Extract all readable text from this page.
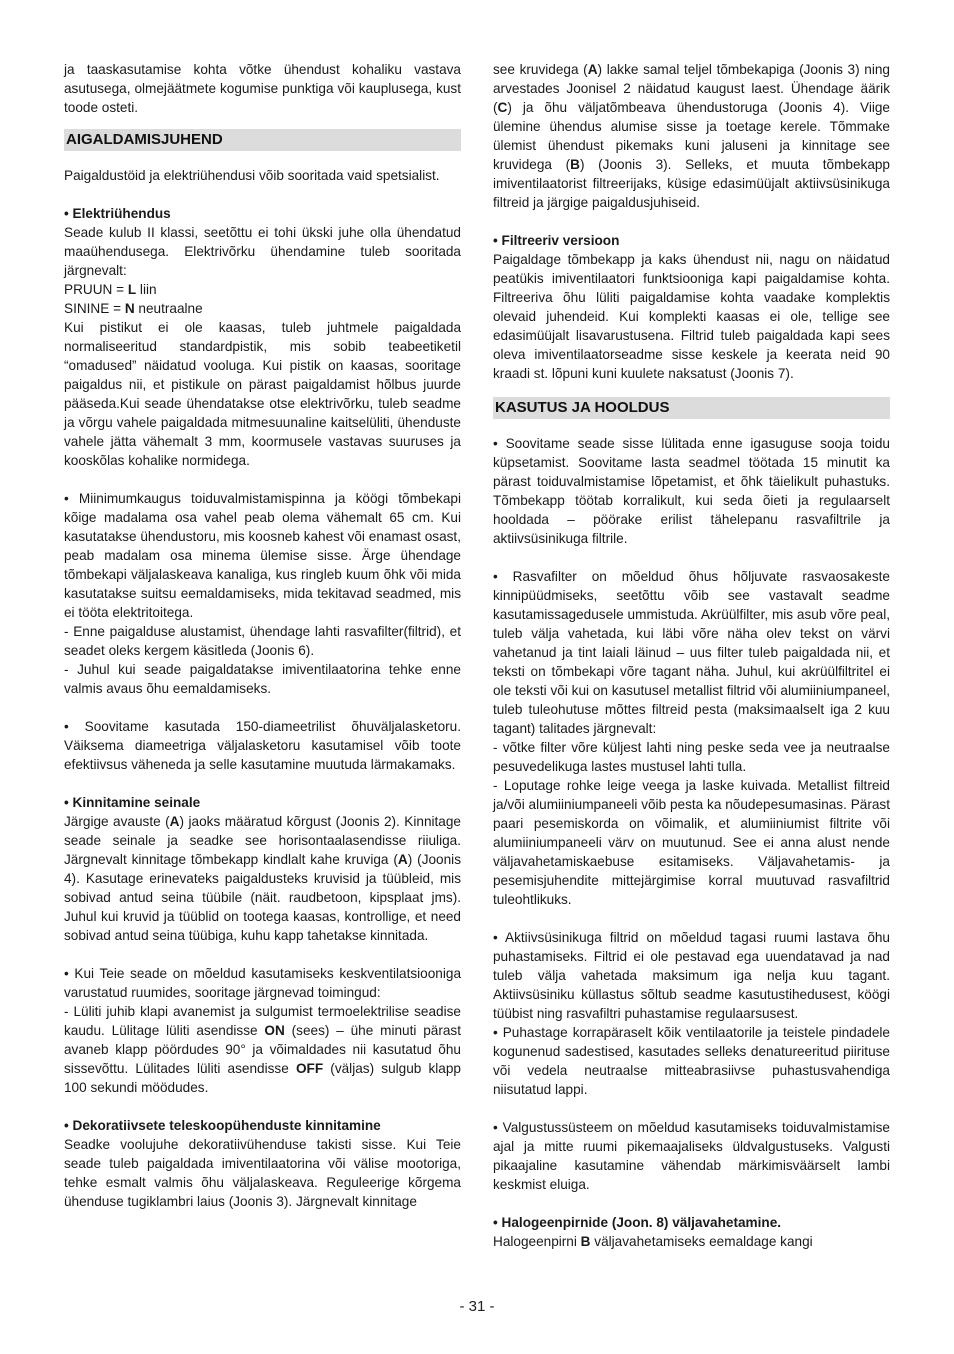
ja taaskasutamise kohta võtke ühendust kohaliku vastava asutusega, olmejäätmete kogumise punktiga või kauplusega, kust toode osteti.

AIGALDAMISJUHEND

Paigaldustöid ja elektriühendusi võib sooritada vaid spetsialist.

• Elektriühendus

Seade kulub II klassi, seetõttu ei tohi ükski juhe olla ühendatud maaühendusega. Elektrivõrku ühendamine tuleb sooritada järgnevalt:

PRUUN = L liin

SININE = N neutraalne

Kui pistikut ei ole kaasas, tuleb juhtmele paigaldada normaliseeritud standardpistik, mis sobib teabeetiketil “omadused” näidatud vooluga. Kui pistik on kaasas, sooritage paigaldus nii, et pistikule on pärast paigaldamist hõlbus juurde pääseda.Kui seade ühendatakse otse elektrivõrku, tuleb seadme ja võrgu vahele paigaldada mitmesuunaline kaitselüliti, ühenduste vahele jätta vähemalt 3 mm, koormusele vastavas suuruses ja kooskõlas kohalike normidega.

• Miinimumkaugus toiduvalmistamispinna ja köögi tõmbekapi kõige madalama osa vahel peab olema vähemalt 65 cm. Kui kasutatakse ühendustoru, mis koosneb kahest või enamast osast, peab madalam osa minema ülemise sisse. Ärge ühendage tõmbekapi väljalaskeava kanaliga, kus ringleb kuum õhk või mida kasutatakse suitsu eemaldamiseks, mida tekitavad seadmed, mis ei tööta elektritoitega.

- Enne paigalduse alustamist, ühendage lahti rasvafilter(filtrid), et seadet oleks kergem käsitleda (Joonis 6).

- Juhul kui seade paigaldatakse imiventilaatorina tehke enne valmis avaus õhu eemaldamiseks.

• Soovitame kasutada 150-diameetrilist õhuväljalasketoru. Väiksema diameetriga väljalasketoru kasutamisel võib toote efektiivsus väheneda ja selle kasutamine muutuda lärmakamaks.

• Kinnitamine seinale

Järgige avauste (A) jaoks määratud kõrgust (Joonis 2). Kinnitage seade seinale ja seadke see horisontaalasendisse riiuliga. Järgnevalt kinnitage tõmbekapp kindlalt kahe kruviga (A) (Joonis 4). Kasutage erinevateks paigaldusteks kruvisid ja tüübleid, mis sobivad antud seina tüübile (näit. raudbetoon, kipsplaat jms). Juhul kui kruvid ja tüüblid on tootega kaasas, kontrollige, et need sobivad antud seina tüübiga, kuhu kapp tahetakse kinnitada.

• Kui Teie seade on mõeldud kasutamiseks keskventilatsiooniga varustatud ruumides, sooritage järgnevad toimingud:

- Lüliti juhib klapi avanemist ja sulgumist termoelektrilise seadise kaudu. Lülitage lüliti asendisse ON (sees) – ühe minuti pärast avaneb klapp pöördudes 90° ja võimaldades nii kasutatud õhu sissevõttu. Lülitades lüliti asendisse OFF (väljas) sulgub klapp 100 sekundi möödudes.

• Dekoratiivsete teleskoopühenduste kinnitamine

Seadke voolujuhe dekoratiivühenduse takisti sisse. Kui Teie seade tuleb paigaldada imiventilaatorina või välise mootoriga, tehke esmalt valmis õhu väljalaskeava. Reguleerige kõrgema ühenduse tugiklambri laius (Joonis 3). Järgnevalt kinnitage

see kruvidega (A) lakke samal teljel tõmbekapiga (Joonis 3) ning arvestades Joonisel 2 näidatud kaugust laest. Ühendage äärik (C) ja õhu väljatõmbeava ühendustoruga (Joonis 4). Viige ülemine ühendus alumise sisse ja toetage kerele. Tõmmake ülemist ühendust pikemaks kuni jaluseni ja kinnitage see kruvidega (B) (Joonis 3). Selleks, et muuta tõmbekapp imiventilaatorist filtreerijaks, küsige edasimüüjalt aktiivsüsinikuga filtreid ja järgige paigaldusjuhiseid.

• Filtreeriv versioon

Paigaldage tõmbekapp ja kaks ühendust nii, nagu on näidatud peatükis imiventilaatori funktsiooniga kapi paigaldamise kohta. Filtreeriva õhu lüliti paigaldamise kohta vaadake komplektis olevaid juhendeid. Kui komplekti kaasas ei ole, tellige see edasimüüjalt lisavarustusena. Filtrid tuleb paigaldada kapi sees oleva imiventilaatorseadme sisse keskele ja keerata neid 90 kraadi st. lõpuni kuni kuulete naksatust (Joonis 7).

KASUTUS JA HOOLDUS

• Soovitame seade sisse lülitada enne igasuguse sooja toidu küpsetamist. Soovitame lasta seadmel töötada 15 minutit ka pärast toiduvalmistamise lõpetamist, et õhk täielikult puhastuks. Tõmbekapp töötab korralikult, kui seda õieti ja regulaarselt hooldada – pöörake erilist tähelepanu rasvafiltrile ja aktiivsüsinikuga filtrile.

• Rasvafilter on mõeldud õhus hõljuvate rasvaosakeste kinnipüüdmiseks, seetõttu võib see vastavalt seadme kasutamissagedusele ummistuda. Akrüülfilter, mis asub võre peal, tuleb välja vahetada, kui läbi võre näha olev tekst on värvi vahetanud ja tint laiali läinud – uus filter tuleb paigaldada nii, et teksti on tõmbekapi võre tagant näha. Juhul, kui akrüülfiltritel ei ole teksti või kui on kasutusel metallist filtrid või alumiiniumpaneel, tuleb tuleohutuse mõttes filtreid pesta (maksimaalselt iga 2 kuu tagant) talitades järgnevalt:

- võtke filter võre küljest lahti ning peske seda vee ja neutraalse pesuvedelikuga lastes mustusel lahti tulla.

- Loputage rohke leige veega ja laske kuivada. Metallist filtreid ja/või alumiiniumpaneeli võib pesta ka nõudepesumasinas. Pärast paari pesemiskorda on võimalik, et alumiiniumist filtrite või alumiiniumpaneeli värv on muutunud. See ei anna alust nende väljavahetamiskaebuse esitamiseks. Väljavahetamis- ja pesemisjuhendite mittejärgimise korral muutuvad rasvafiltrid tuleohtlikuks.

• Aktiivsüsinikuga filtrid on mõeldud tagasi ruumi lastava õhu puhastamiseks. Filtrid ei ole pestavad ega uuendatavad ja nad tuleb välja vahetada maksimum iga nelja kuu tagant. Aktiivsüsiniku küllastus sõltub seadme kasutustihedusest, köögi tüübist ning rasvafiltri puhastamise regulaarsusest.

• Puhastage korrapäraselt kõik ventilaatorile ja teistele pindadele kogunenud sadestised, kasutades selleks denatureeritud piirituse või vedela neutraalse mitteabrasiivse puhastusvahendiga niisutatud lappi.

• Valgustussüsteem on mõeldud kasutamiseks toiduvalmistamise ajal ja mitte ruumi pikemaajaliseks üldvalgustuseks. Valgusti pikaajaline kasutamine vähendab märkimisväärselt lambi keskmist eluiga.

• Halogeenpirnide (Joon. 8) väljavahetamine.

Halogeenpirni B väljavahetamiseks eemaldage kangi

- 31 -
